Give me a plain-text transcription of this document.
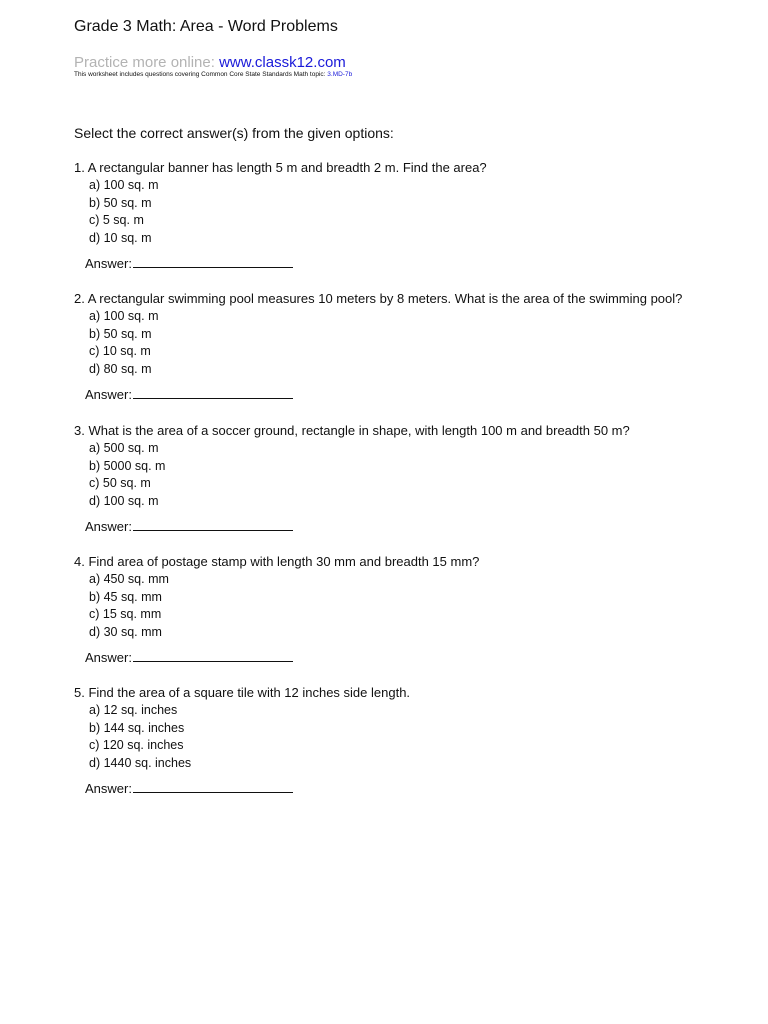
Grade 3 Math: Area - Word Problems
Practice more online: www.classk12.com
This worksheet includes questions covering Common Core State Standards Math topic: 3.MD-7b
Select the correct answer(s) from the given options:
1. A rectangular banner has length 5 m and breadth 2 m. Find the area?
a) 100 sq. m
b) 50 sq. m
c) 5 sq. m
d) 10 sq. m
Answer:
2. A rectangular swimming pool measures 10 meters by 8 meters. What is the area of the swimming pool?
a) 100 sq. m
b) 50 sq. m
c) 10 sq. m
d) 80 sq. m
Answer:
3. What is the area of a soccer ground, rectangle in shape, with length 100 m and breadth 50 m?
a) 500 sq. m
b) 5000 sq. m
c) 50 sq. m
d) 100 sq. m
Answer:
4. Find area of postage stamp with length 30 mm and breadth 15 mm?
a) 450 sq. mm
b) 45 sq. mm
c) 15 sq. mm
d) 30 sq. mm
Answer:
5. Find the area of a square tile with 12 inches side length.
a) 12 sq. inches
b) 144 sq. inches
c) 120 sq. inches
d) 1440 sq. inches
Answer:
